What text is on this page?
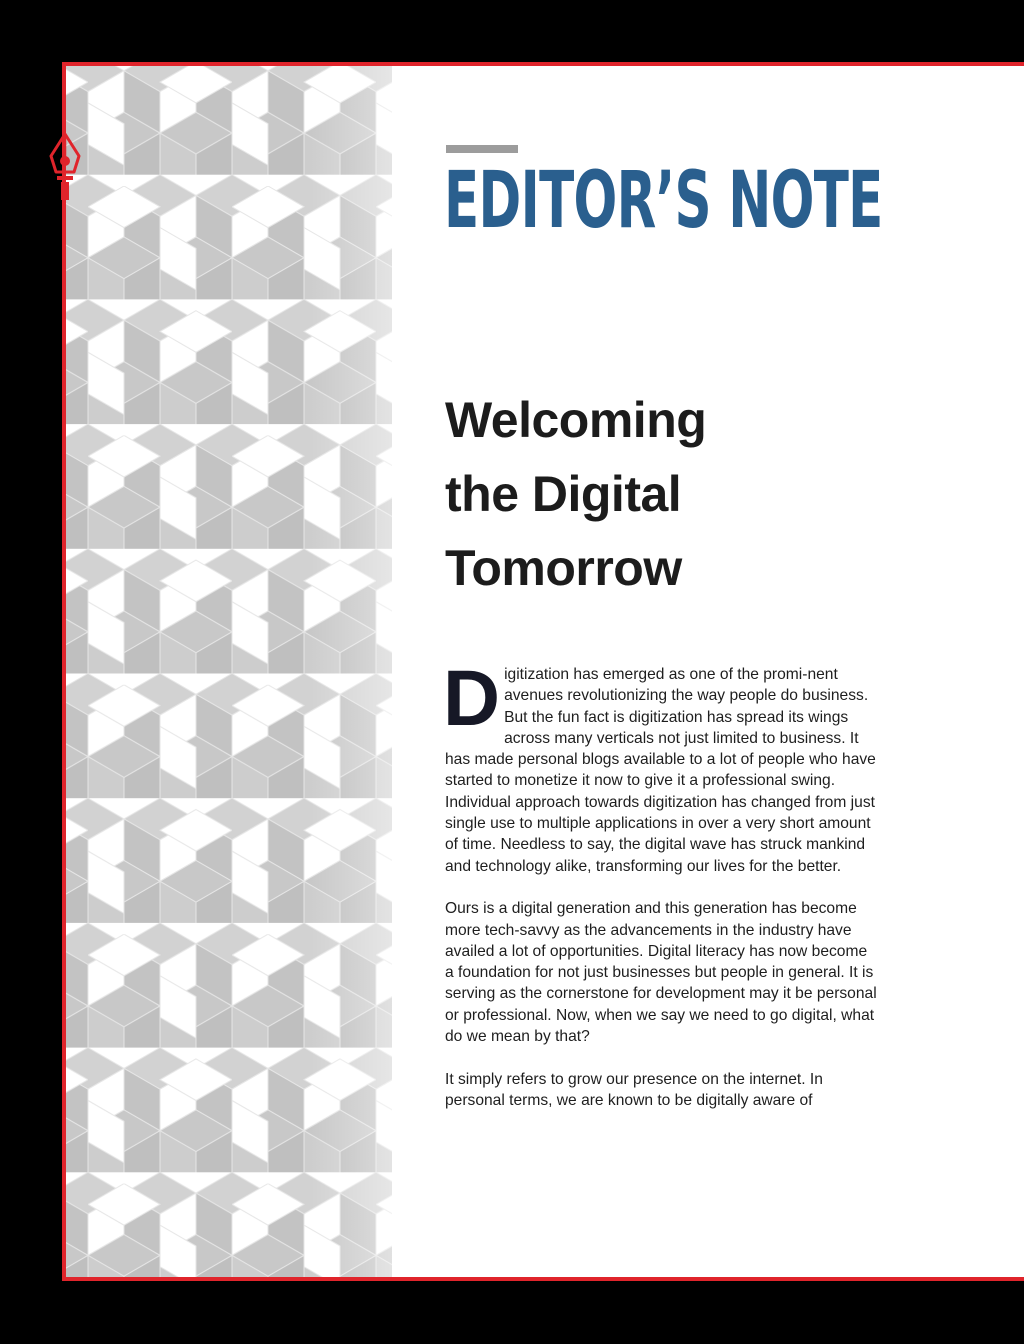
EDITOR’S NOTE
Welcoming
the Digital
Tomorrow

Digitization has emerged as one of the promi-nent avenues revolutionizing the way people do business. But the fun fact is digitization has spread its wings across many verticals not just limited to business. It has made personal blogs available to a lot of people who have started to monetize it now to give it a professional swing. Individual approach towards digitization has changed from just single use to multiple applications in over a very short amount of time. Needless to say, the digital wave has struck mankind and technology alike, transforming our lives for the better.

Ours is a digital generation and this generation has become more tech-savvy as the advancements in the industry have availed a lot of opportunities. Digital literacy has now become a foundation for not just businesses but people in general. It is serving as the cornerstone for development may it be personal or professional. Now, when we say we need to go digital, what do we mean by that?

It simply refers to grow our presence on the internet. In personal terms, we are known to be digitally aware of
